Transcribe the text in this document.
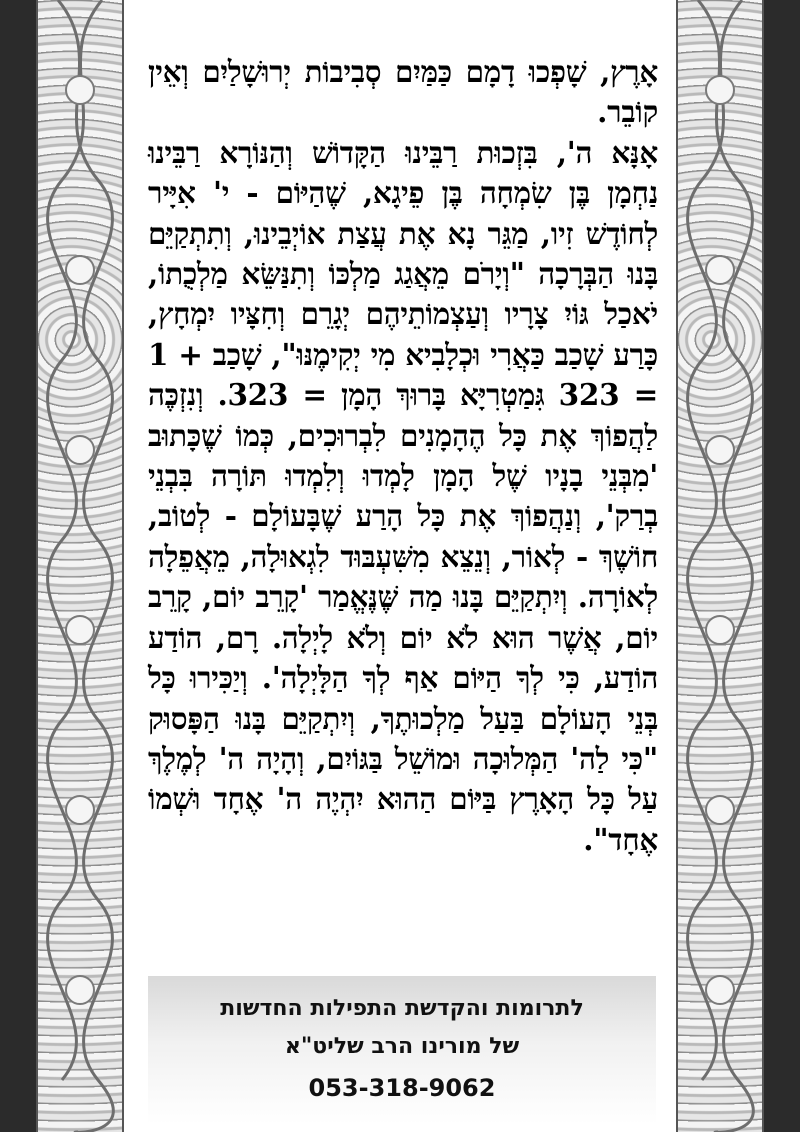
אָרֶץ, שָׁפְכוּ דָמָם כַּמַּיִם סְבִיבוֹת יְרוּשָׁלַיִם וְאֵין קוֹבֵר.

אָנָּא ה', בִּזְכוּת רַבֵּינוּ הַקָּדוֹשׁ וְהַנּוֹרָא רַבֵּינוּ נַחְמָן בֶּן שִׂמְחָה בֶּן פֵיגָא, שֶׁהַיּוֹם - י' אִיָּיר לְחוֹדֶשׁ זִיו, מַגֵּר נָא אֶת עֲצַת אוֹיְבֵינוּ, וְתִתְקַיֵּם בָּנוּ הַבְּרָכָה "וְיָרֹם מֵאֲגַג מַלְכּוֹ וְתִנַּשֵּׂא מַלְכֻתוֹ, יֹאכַל גּוֹיִ צָרָיו וְעַצְמוֹתֵיהֶם יְגָרֵם וְחִצָּיו יִמְחָץ, כָּרַע שָׁכַב כַּאֲרִי וּכְלָבִיא מִי יְקִימֶנּוּ", שָׁכַב + 1 = 323 גִּמַטְרִיָּא בָּרוּךְ הָמָן = 323. וְנִזְכֶּה לַהֲפוֹךְ אֶת כָּל הֶהָמָנִים לִבְרוּכִים, כְּמוֹ שֶׁכָּתוּב 'מִבְּנֵי בָנָיו שֶׁל הָמָן לָמְדוּ וְלִמְדוּ תּוֹרָה בִּבְנֵי בְרַק', וְנַהֲפוֹךְ אֶת כָּל הָרַע שֶׁבָּעוֹלָם - לְטוֹב, חוֹשֶׁךְ - לְאוֹר, וְנֵצֵא מִשִּׁעְבּוּד לִגְאוּלָה, מֵאֲפֵלָה לְאוֹרָה. וְיִתְקַיֵּם בָּנוּ מַה שֶּׁנֶּאֱמַר 'קָרֵב יוֹם, קָרֵב יוֹם, אֲשֶׁר הוּא לֹא יוֹם וְלֹא לָיְלָה. רָם, הוֹדַע הוֹדַע, כִּי לְךָ הַיּוֹם אַף לְךָ הַלָּיְלָה'. וְיַכִּירוּ כָּל בְּנֵי הָעוֹלָם בַּעַל מַלְכוּתֶךָ, וְיִתְקַיֵּם בָּנוּ הַפָּסוּק "כִּי לַה' הַמְּלוּכָה וּמוֹשֵׁל בַּגּוֹיִם, וְהָיָה ה' לְמֶלֶךְ עַל כָּל הָאָרֶץ בַּיּוֹם הַהוּא יִהְיֶה ה' אֶחָד וּשְׁמוֹ אֶחָד".

לתרומות והקדשת התפילות החדשות
של מורינו הרב שליט"א
053-318-9062
